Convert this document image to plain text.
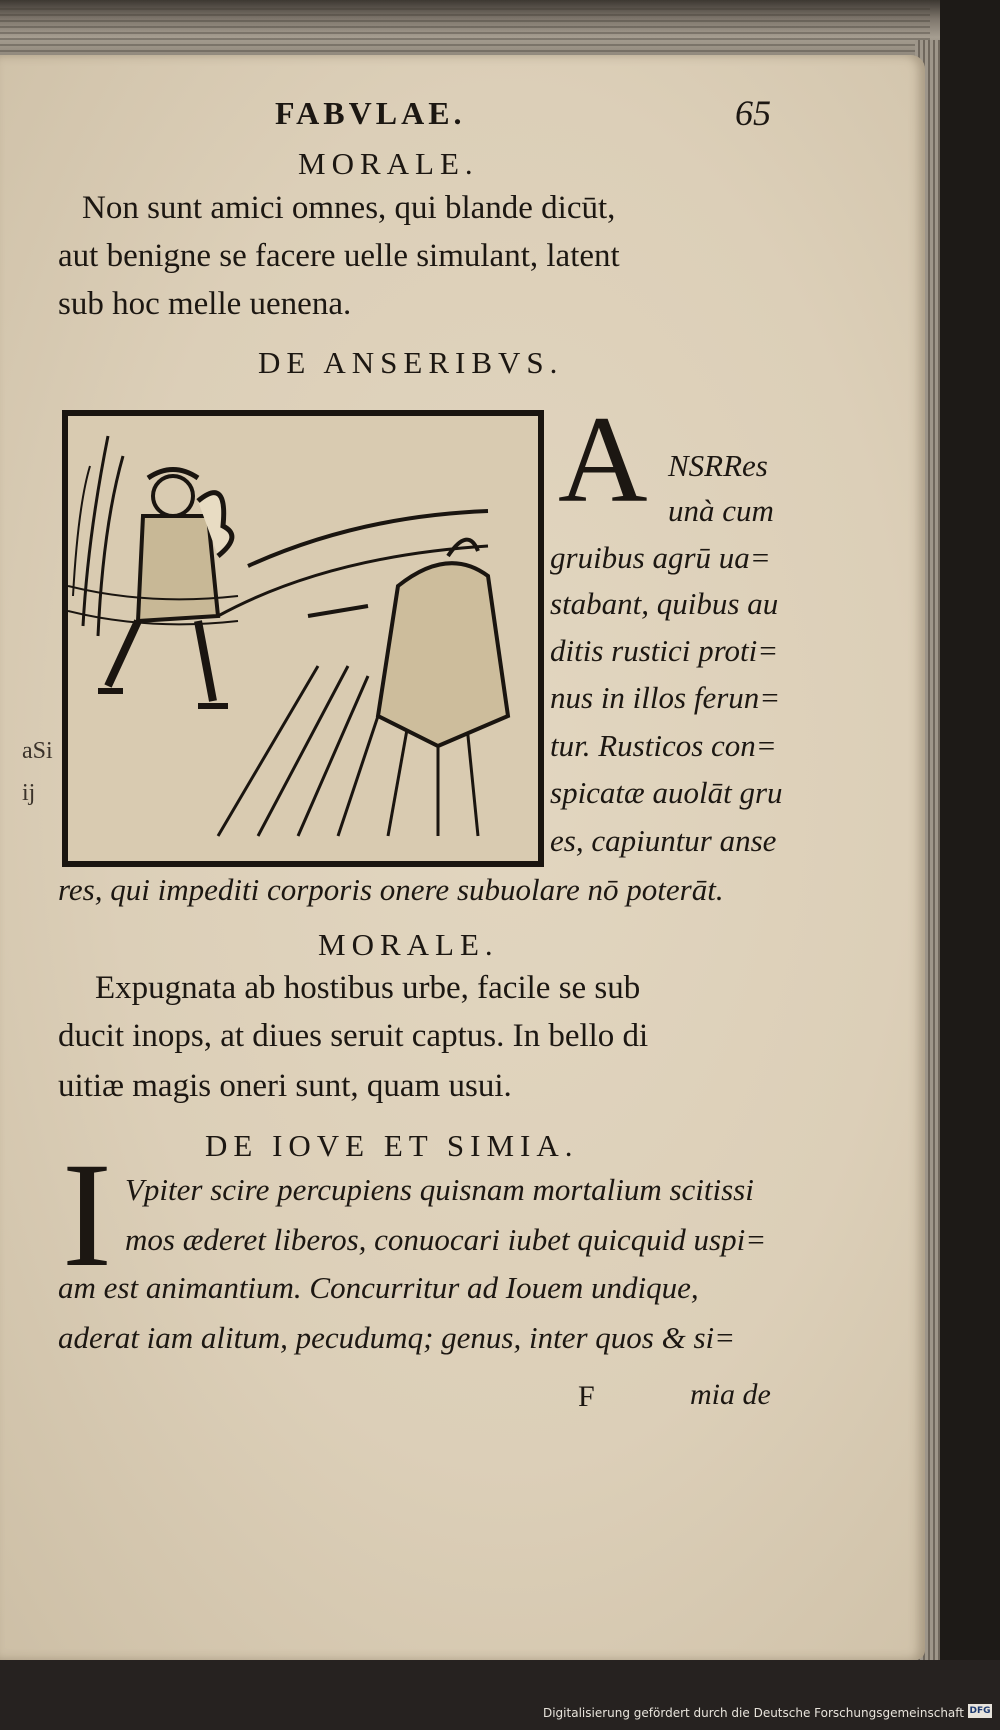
FABVLAE.	65
MORALE.
Non sunt amici omnes, qui blande dicūt,
aut benigne se facere uelle simulant, latent
sub hoc melle uenena.
DE ANSERIBVS.
A NSRRes
unà cum
gruibus agrū ua=
stabant, quibus au
ditis rustici proti=
nus in illos ferun=
tur. Rusticos con=
spicatæ auolāt gru
es, capiuntur anse
res, qui impediti corporis onere subuolare nō poterāt.
MORALE.
Expugnata ab hostibus urbe, facile se sub
ducit inops, at diues seruit captus. In bello di
uitiæ magis oneri sunt, quam usui.
DE IOVE ET SIMIA.
I Vpiter scire percupiens quisnam mortalium scitissi
mos æderet liberos, conuocari iubet quicquid uspi=
am est animantium. Concurritur ad Iouem undique,
aderat iam alitum, pecudumq; genus, inter quos & si=
F	mia de
aSi
ij
Digitalisierung gefördert durch die Deutsche Forschungsgemeinschaft DFG
